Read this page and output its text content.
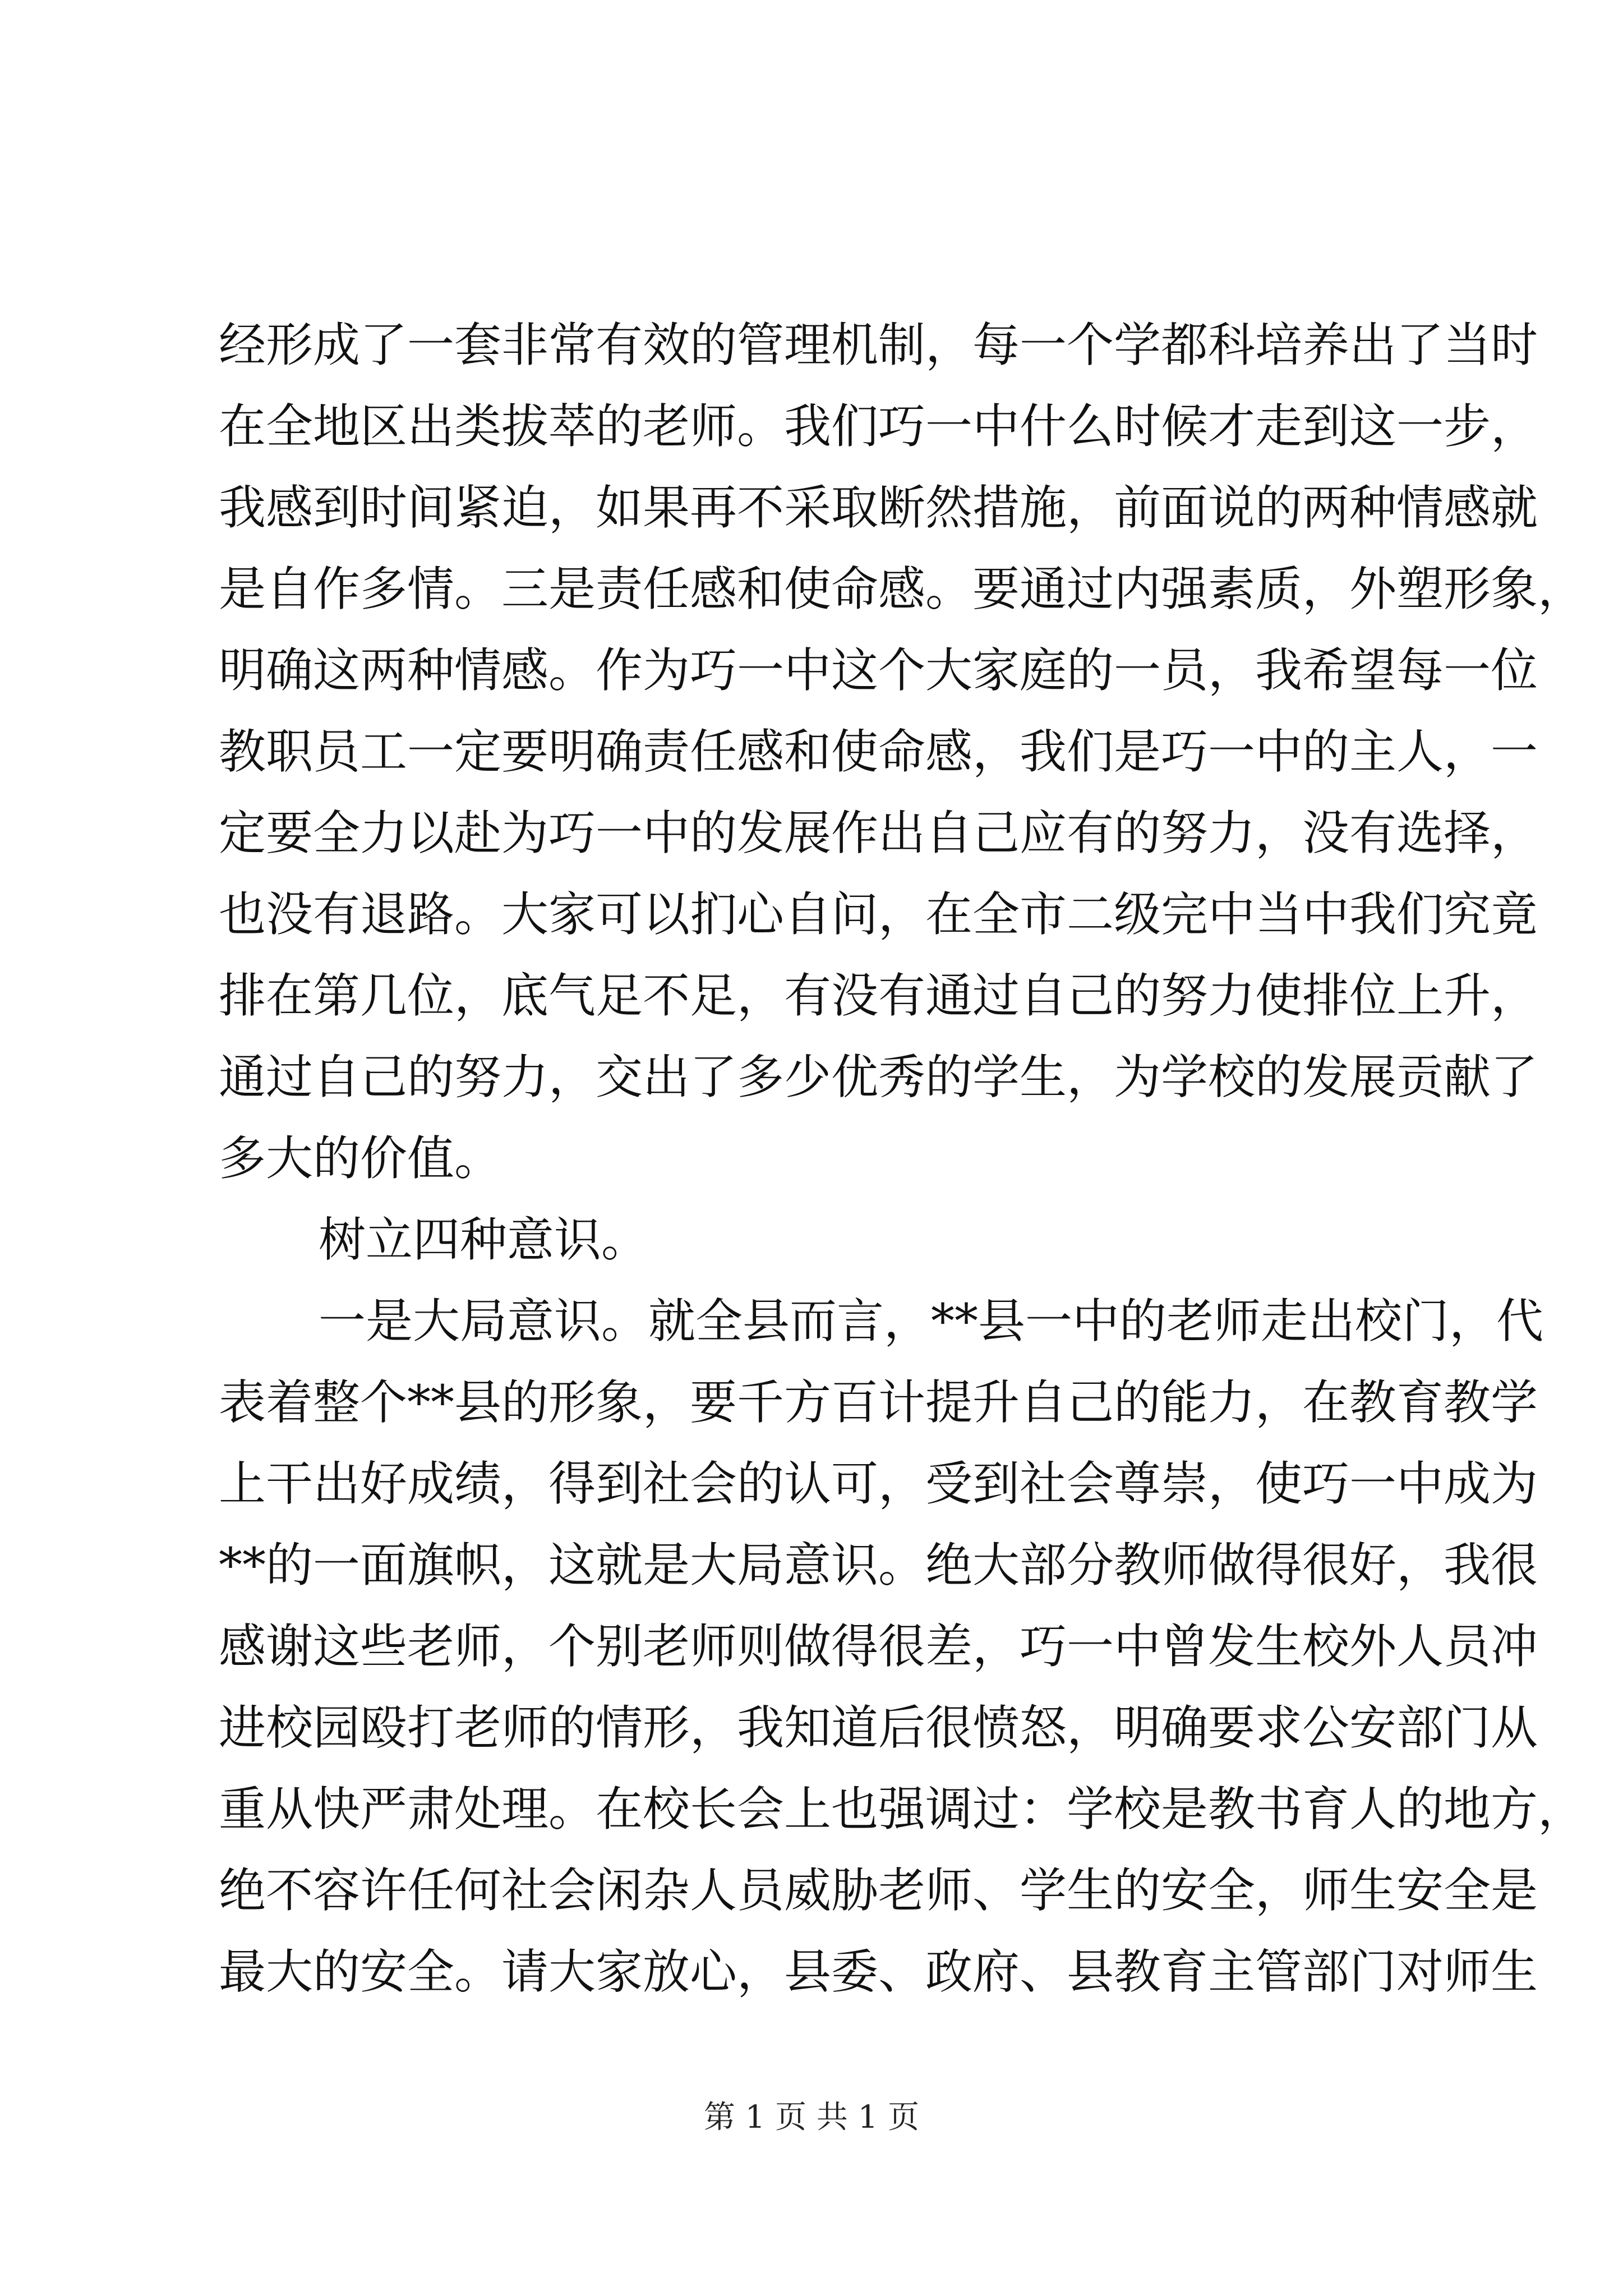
经形成了一套非常有效的管理机制，每一个学都科培养出了当时
在全地区出类拔萃的老师。我们巧一中什么时候才走到这一步，
我感到时间紧迫，如果再不采取断然措施，前面说的两种情感就
是自作多情。三是责任感和使命感。要通过内强素质，外塑形象，
明确这两种情感。作为巧一中这个大家庭的一员，我希望每一位
教职员工一定要明确责任感和使命感，我们是巧一中的主人，一
定要全力以赴为巧一中的发展作出自己应有的努力，没有选择，
也没有退路。大家可以扪心自问，在全市二级完中当中我们究竟
排在第几位，底气足不足，有没有通过自己的努力使排位上升，
通过自己的努力，交出了多少优秀的学生，为学校的发展贡献了
多大的价值。
树立四种意识。
一是大局意识。就全县而言，**县一中的老师走出校门，代
表着整个**县的形象，要千方百计提升自己的能力，在教育教学
上干出好成绩，得到社会的认可，受到社会尊崇，使巧一中成为
**的一面旗帜，这就是大局意识。绝大部分教师做得很好，我很
感谢这些老师，个别老师则做得很差，巧一中曾发生校外人员冲
进校园殴打老师的情形，我知道后很愤怒，明确要求公安部门从
重从快严肃处理。在校长会上也强调过：学校是教书育人的地方，
绝不容许任何社会闲杂人员威胁老师、学生的安全，师生安全是
最大的安全。请大家放心，县委、政府、县教育主管部门对师生
第 1 页 共 1 页
